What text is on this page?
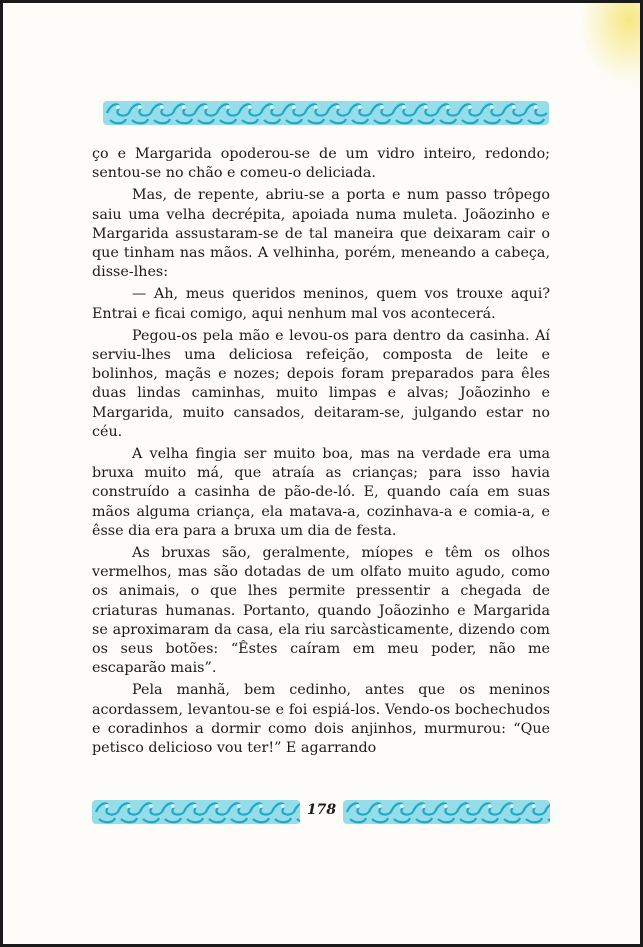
ço e Margarida opoderou-se de um vidro inteiro, redondo; sentou-se no chão e comeu-o deliciada.

Mas, de repente, abriu-se a porta e num passo trôpego saiu uma velha decrépita, apoiada numa muleta. Joãozinho e Margarida assustaram-se de tal maneira que deixaram cair o que tinham nas mãos. A velhinha, porém, meneando a cabeça, disse-lhes:

— Ah, meus queridos meninos, quem vos trouxe aqui? Entrai e ficai comigo, aqui nenhum mal vos acontecerá.

Pegou-os pela mão e levou-os para dentro da casinha. Aí serviu-lhes uma deliciosa refeição, composta de leite e bolinhos, maçãs e nozes; depois foram preparados para êles duas lindas caminhas, muito limpas e alvas; Joãozinho e Margarida, muito cansados, deitaram-se, julgando estar no céu.

A velha fingia ser muito boa, mas na verdade era uma bruxa muito má, que atraía as crianças; para isso havia construído a casinha de pão-de-ló. E, quando caía em suas mãos alguma criança, ela matava-a, cozinhava-a e comia-a, e êsse dia era para a bruxa um dia de festa.

As bruxas são, geralmente, míopes e têm os olhos vermelhos, mas são dotadas de um olfato muito agudo, como os animais, o que lhes permite pressentir a chegada de criaturas humanas. Portanto, quando Joãozinho e Margarida se aproximaram da casa, ela riu sarcàsticamente, dizendo com os seus botões: “Êstes caíram em meu poder, não me escaparão mais”.

Pela manhã, bem cedinho, antes que os meninos acordassem, levantou-se e foi espiá-los. Vendo-os bochechudos e coradinhos a dormir como dois anjinhos, murmurou: “Que petisco delicioso vou ter!” E agarrando

178
